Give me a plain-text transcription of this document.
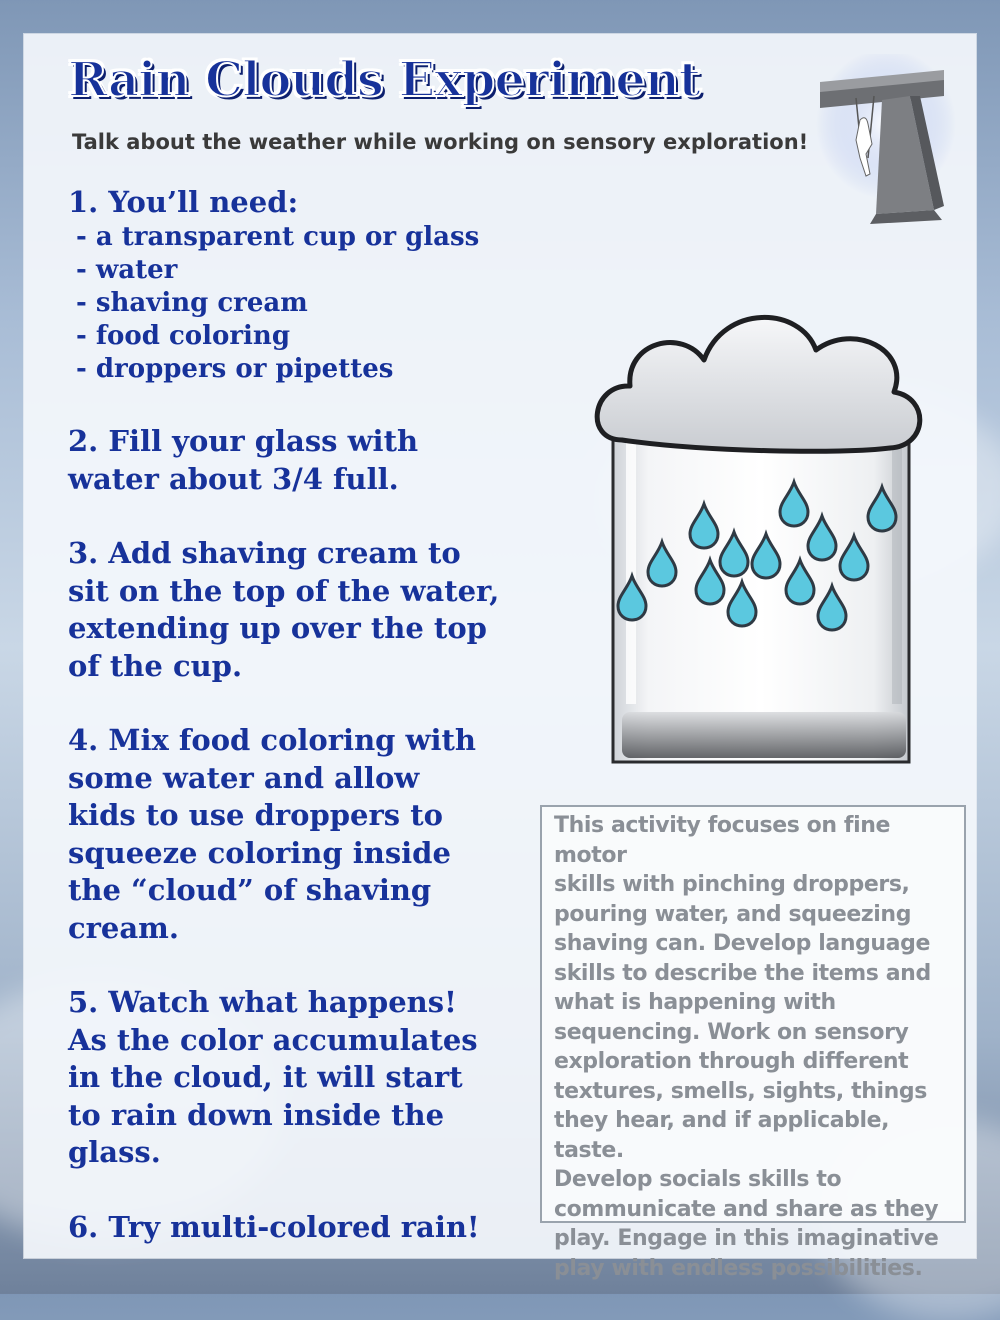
Rain Clouds Experiment

Talk about the weather while working on sensory exploration!

1. You’ll need:

- a transparent cup or glass
- water
- shaving cream
- food coloring
- droppers or pipettes

2. Fill your glass with

water about 3/4 full.

3. Add shaving cream to

sit on the top of the water,

extending up over the top

of the cup.

4. Mix food coloring with

some water and allow

kids to use droppers to

squeeze coloring inside

the “cloud” of shaving

cream.

5. Watch what happens!

As the color accumulates

in the cloud, it will start

to rain down inside the

glass.

6. Try multi-colored rain!

This activity focuses on fine motor

skills with pinching droppers,

pouring water, and squeezing

shaving can. Develop language

skills to describe the items and

what is happening with

sequencing. Work on sensory

exploration through different

textures, smells, sights, things

they hear, and if applicable, taste.

Develop socials skills to

communicate and share as they

play. Engage in this imaginative

play with endless possibilities.
